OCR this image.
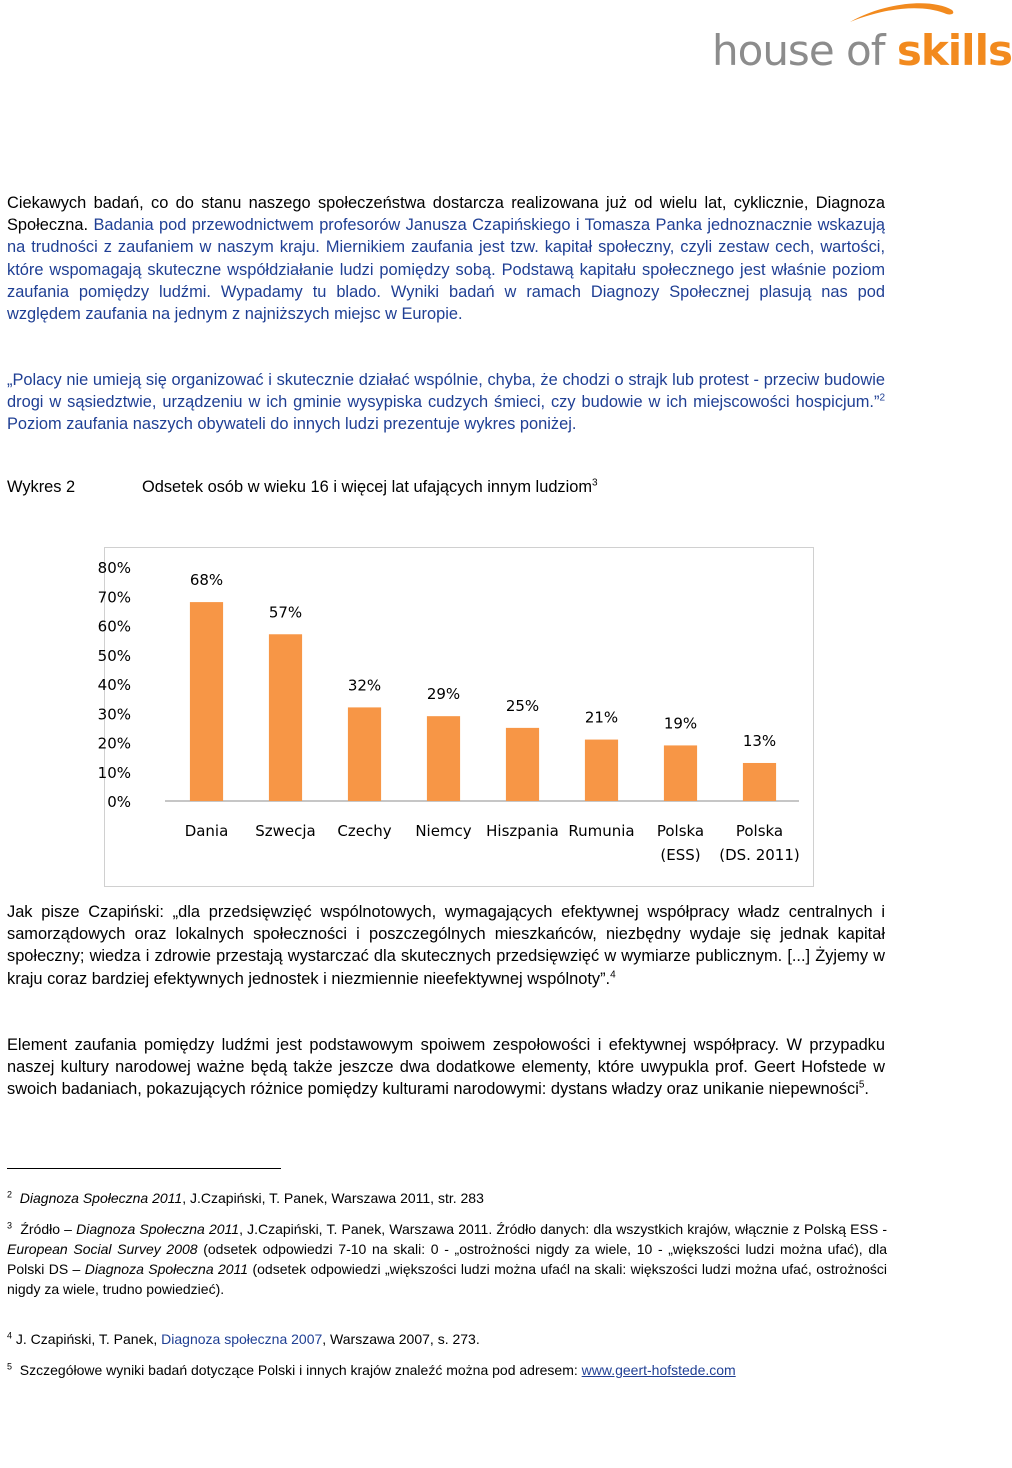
house of skills

Ciekawych badań, co do stanu naszego społeczeństwa dostarcza realizowana już od wielu lat, cyklicznie, Diagnoza Społeczna. Badania pod przewodnictwem profesorów Janusza Czapińskiego i Tomasza Panka jednoznacznie wskazują na trudności z zaufaniem w naszym kraju. Miernikiem zaufania jest tzw. kapitał społeczny, czyli zestaw cech, wartości, które wspomagają skuteczne współdziałanie ludzi pomiędzy sobą. Podstawą kapitału społecznego jest właśnie poziom zaufania pomiędzy ludźmi. Wypadamy tu blado. Wyniki badań w ramach Diagnozy Społecznej plasują nas pod względem zaufania na jednym z najniższych miejsc w Europie.

„Polacy nie umieją się organizować i skutecznie działać wspólnie, chyba, że chodzi o strajk lub protest - przeciw budowie drogi w sąsiedztwie, urządzeniu w ich gminie wysypiska cudzych śmieci, czy budowie w ich miejscowości hospicjum.”$^2$ Poziom zaufania naszych obywateli do innych ludzi prezentuje wykres poniżej.

Wykres 2	Odsetek osób w wieku 16 i więcej lat ufających innym ludziom$^3$
0%
10%
20%
30%
40%
50%
60%
70%
80%
68%
Dania
57%
Szwecja
32%
Czechy
29%
Niemcy
25%
Hiszpania
21%
Rumunia
19%
Polska
(ESS)
13%
Polska
(DS. 2011)

Jak pisze Czapiński: „dla przedsięwzięć wspólnotowych, wymagających efektywnej współpracy władz centralnych i samorządowych oraz lokalnych społeczności i poszczególnych mieszkańców, niezbędny wydaje się jednak kapitał społeczny; wiedza i zdrowie przestają wystarczać dla skutecznych przedsięwzięć w wymiarze publicznym. [...] Żyjemy w kraju coraz bardziej efektywnych jednostek i niezmiennie nieefektywnej wspólnoty”.$^4$

Element zaufania pomiędzy ludźmi jest podstawowym spoiwem zespołowości i efektywnej współpracy. W przypadku naszej kultury narodowej ważne będą także jeszcze dwa dodatkowe elementy, które uwypukla prof. Geert Hofstede w swoich badaniach, pokazujących różnice pomiędzy kulturami narodowymi: dystans władzy oraz unikanie niepewności$^5$.

$^2$ Diagnoza Społeczna 2011, J.Czapiński, T. Panek, Warszawa 2011, str. 283

$^3$ Źródło – Diagnoza Społeczna 2011, J.Czapiński, T. Panek, Warszawa 2011. Źródło danych: dla wszystkich krajów, włącznie z Polską ESS - European Social Survey 2008 (odsetek odpowiedzi 7-10 na skali: 0 - „ostrożności nigdy za wiele, 10 - „większości ludzi można ufać), dla Polski DS – Diagnoza Społeczna 2011 (odsetek odpowiedzi „większości ludzi można ufaćl na skali: większości ludzi można ufać, ostrożności nigdy za wiele, trudno powiedzieć).

$^4$ J. Czapiński, T. Panek, Diagnoza społeczna 2007, Warszawa 2007, s. 273.

$^5$ Szczegółowe wyniki badań dotyczące Polski i innych krajów znaleźć można pod adresem: www.geert-hofstede.com
